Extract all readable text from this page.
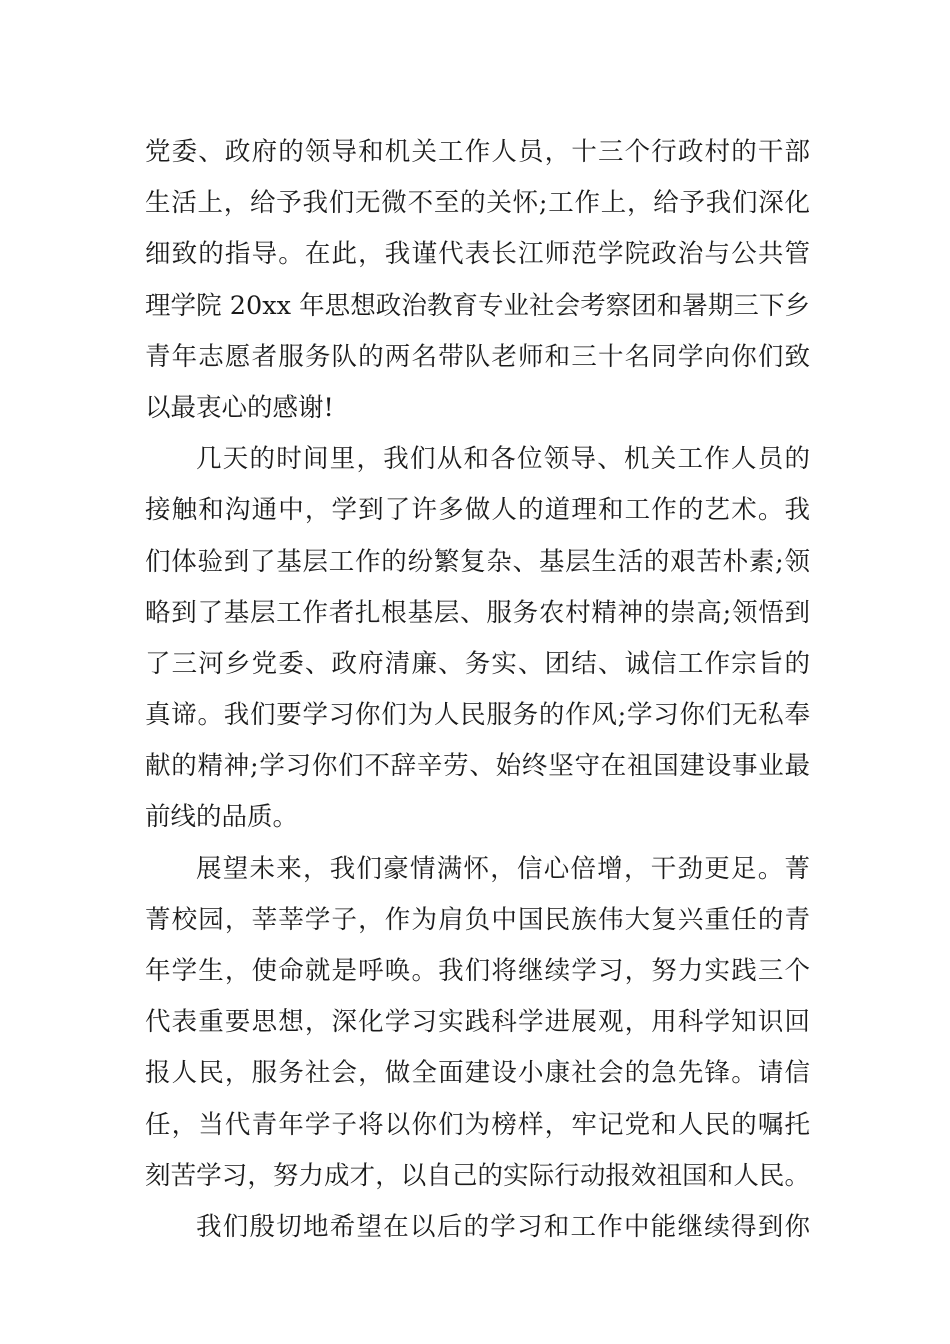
党委、政府的领导和机关工作人员，十三个行政村的干部
生活上，给予我们无微不至的关怀;工作上，给予我们深化
细致的指导。在此，我谨代表长江师范学院政治与公共管
理学院 20xx 年思想政治教育专业社会考察团和暑期三下乡
青年志愿者服务队的两名带队老师和三十名同学向你们致
以最衷心的感谢!
几天的时间里，我们从和各位领导、机关工作人员的
接触和沟通中，学到了许多做人的道理和工作的艺术。我
们体验到了基层工作的纷繁复杂、基层生活的艰苦朴素;领
略到了基层工作者扎根基层、服务农村精神的崇高;领悟到
了三河乡党委、政府清廉、务实、团结、诚信工作宗旨的
真谛。我们要学习你们为人民服务的作风;学习你们无私奉
献的精神;学习你们不辞辛劳、始终坚守在祖国建设事业最
前线的品质。
展望未来，我们豪情满怀，信心倍增，干劲更足。菁
菁校园，莘莘学子，作为肩负中国民族伟大复兴重任的青
年学生，使命就是呼唤。我们将继续学习，努力实践三个
代表重要思想，深化学习实践科学进展观，用科学知识回
报人民，服务社会，做全面建设小康社会的急先锋。请信
任，当代青年学子将以你们为榜样，牢记党和人民的嘱托
刻苦学习，努力成才，以自己的实际行动报效祖国和人民。
我们殷切地希望在以后的学习和工作中能继续得到你
